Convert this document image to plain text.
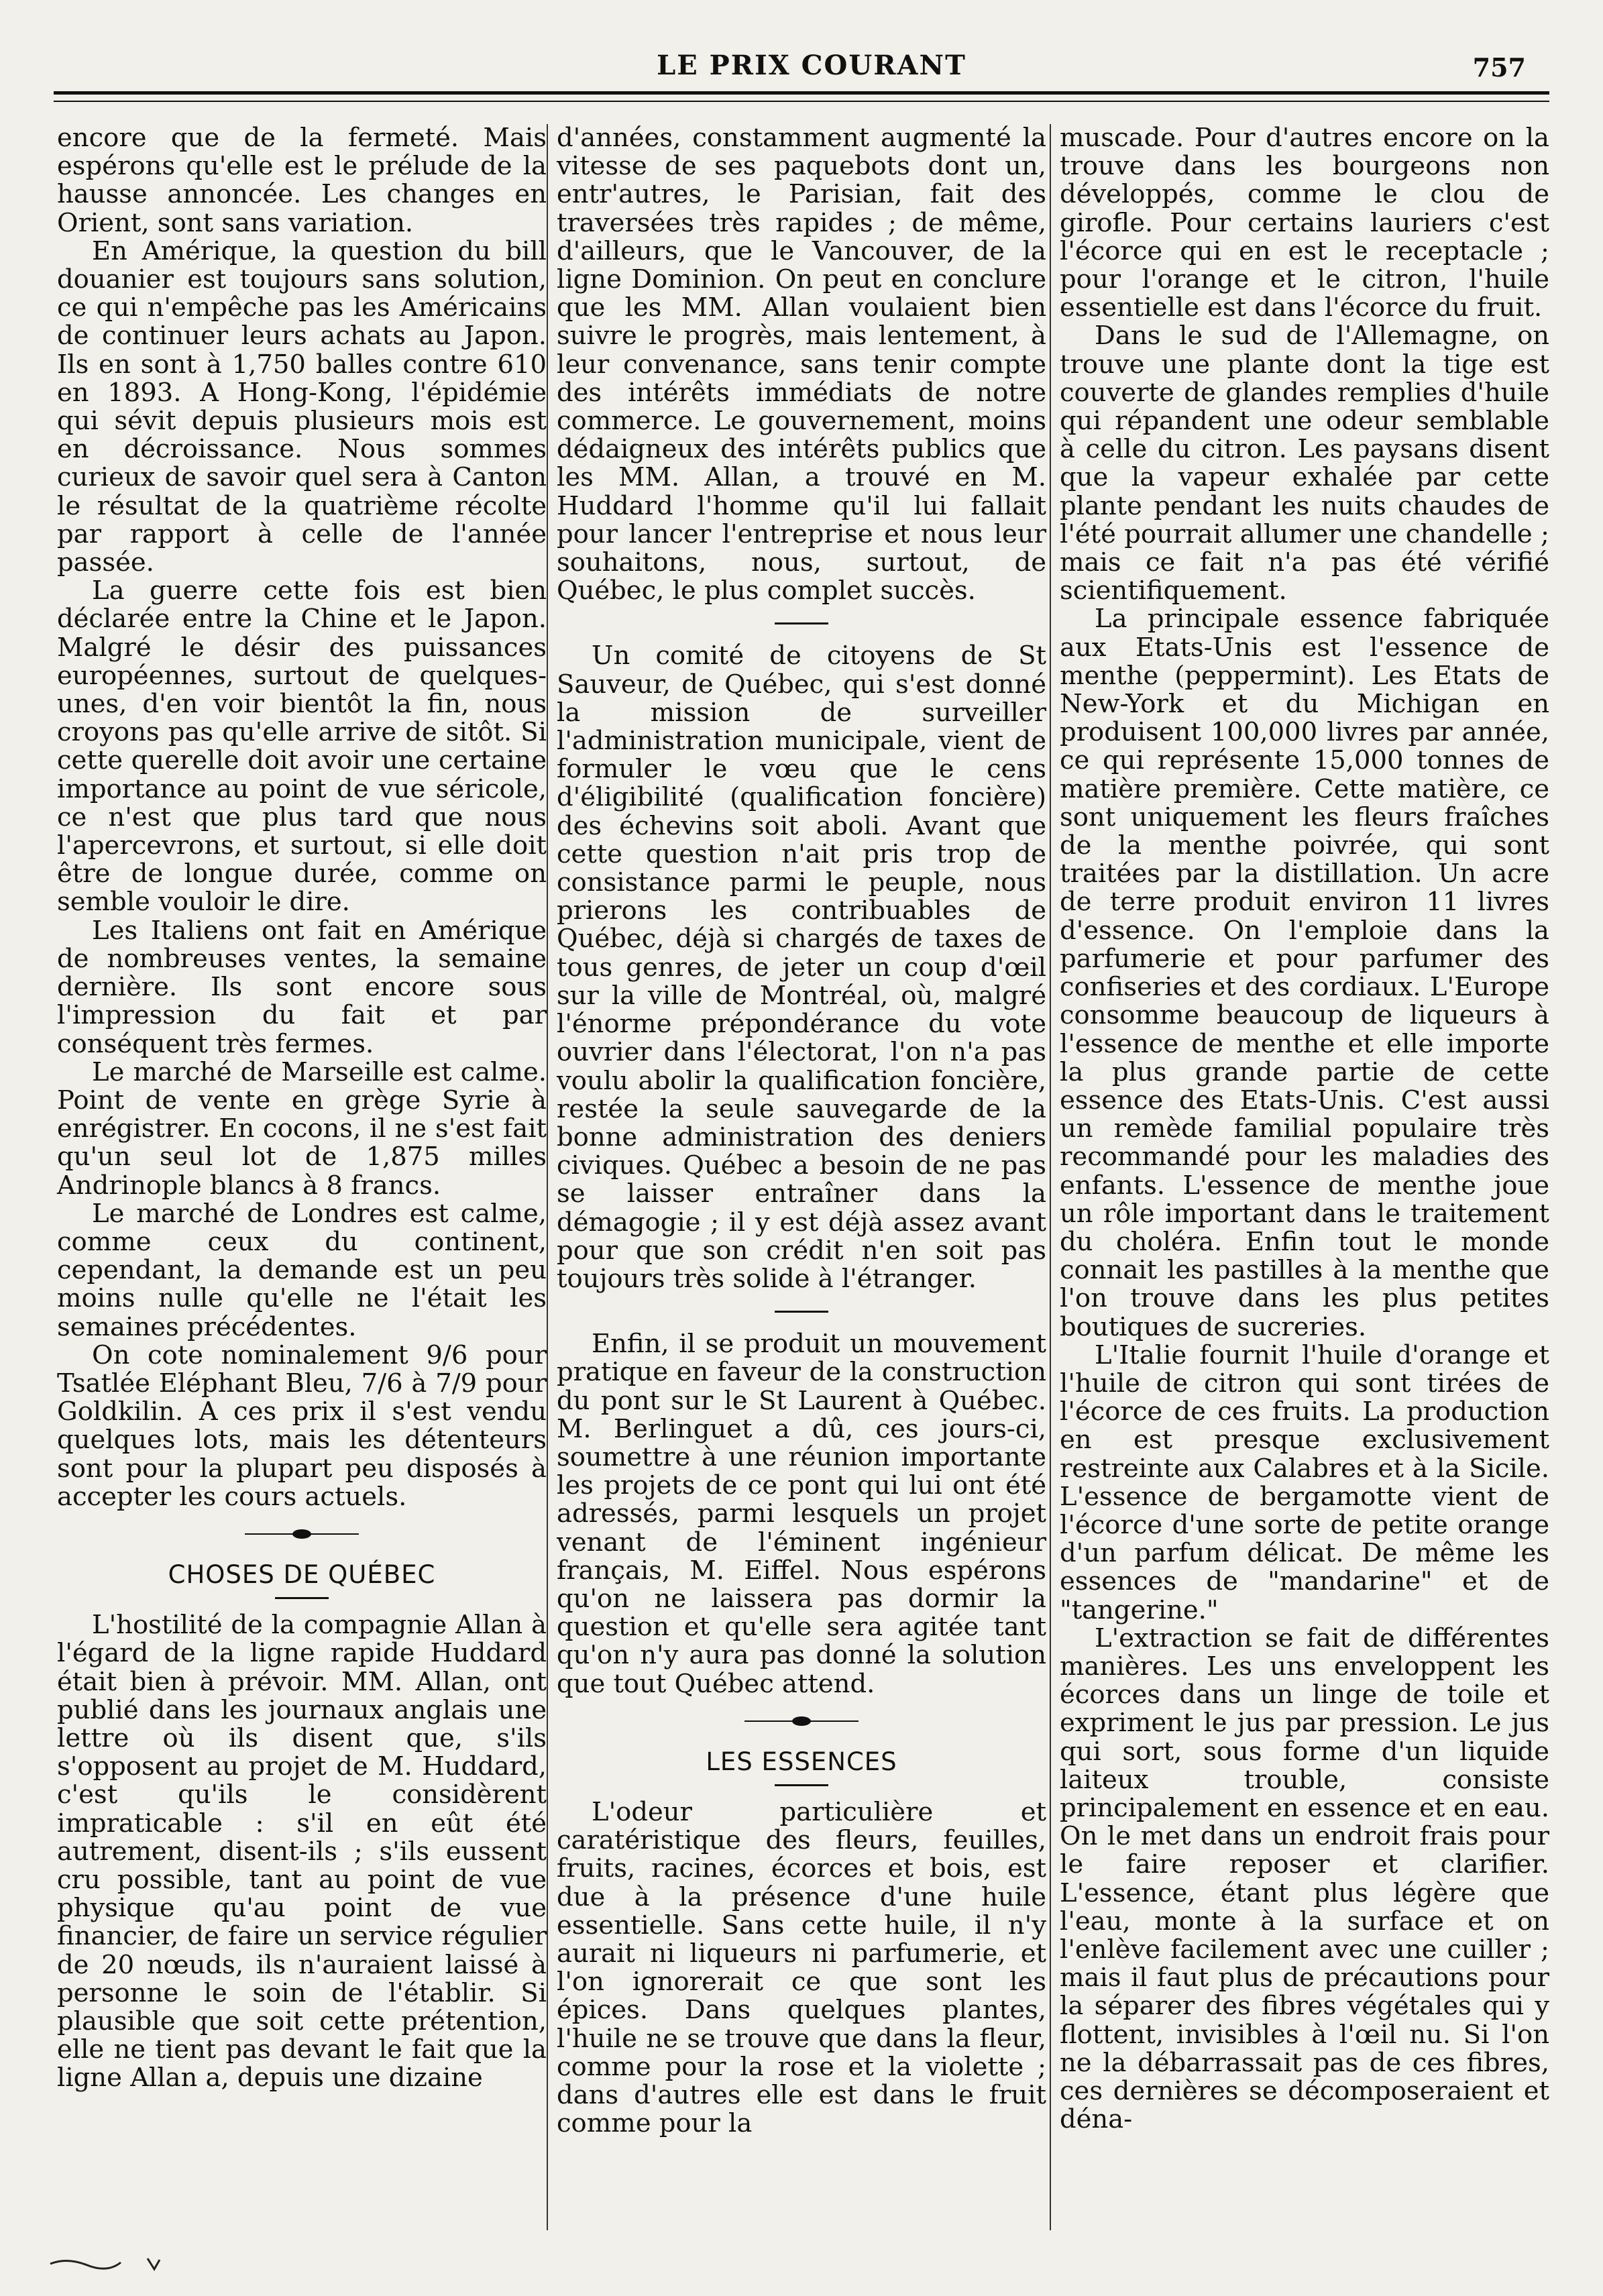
LE PRIX COURANT	757

encore que de la fermeté. Mais espérons qu'elle est le prélude de la hausse annoncée. Les changes en Orient, sont sans variation.

En Amérique, la question du bill douanier est toujours sans solution, ce qui n'empêche pas les Américains de continuer leurs achats au Japon. Ils en sont à 1,750 balles contre 610 en 1893. A Hong-Kong, l'épidémie qui sévit depuis plusieurs mois est en décroissance. Nous sommes curieux de savoir quel sera à Canton le résultat de la quatrième récolte par rapport à celle de l'année passée.

La guerre cette fois est bien déclarée entre la Chine et le Japon. Malgré le désir des puissances européennes, surtout de quelques-unes, d'en voir bientôt la fin, nous croyons pas qu'elle arrive de sitôt. Si cette querelle doit avoir une certaine importance au point de vue séricole, ce n'est que plus tard que nous l'apercevrons, et surtout, si elle doit être de longue durée, comme on semble vouloir le dire.

Les Italiens ont fait en Amérique de nombreuses ventes, la semaine dernière. Ils sont encore sous l'impression du fait et par conséquent très fermes.

Le marché de Marseille est calme. Point de vente en grège Syrie à enrégistrer. En cocons, il ne s'est fait qu'un seul lot de 1,875 milles Andrinople blancs à 8 francs.

Le marché de Londres est calme, comme ceux du continent, cependant, la demande est un peu moins nulle qu'elle ne l'était les semaines précédentes.

On cote nominalement 9/6 pour Tsatlée Eléphant Bleu, 7/6 à 7/9 pour Goldkilin. A ces prix il s'est vendu quelques lots, mais les détenteurs sont pour la plupart peu disposés à accepter les cours actuels.

CHOSES DE QUÉBEC

L'hostilité de la compagnie Allan à l'égard de la ligne rapide Huddard était bien à prévoir. MM. Allan, ont publié dans les journaux anglais une lettre où ils disent que, s'ils s'opposent au projet de M. Huddard, c'est qu'ils le considèrent impraticable : s'il en eût été autrement, disent-ils ; s'ils eussent cru possible, tant au point de vue physique qu'au point de vue financier, de faire un service régulier de 20 nœuds, ils n'auraient laissé à personne le soin de l'établir. Si plausible que soit cette prétention, elle ne tient pas devant le fait que la ligne Allan a, depuis une dizaine

d'années, constamment augmenté la vitesse de ses paquebots dont un, entr'autres, le Parisian, fait des traversées très rapides ; de même, d'ailleurs, que le Vancouver, de la ligne Dominion. On peut en conclure que les MM. Allan voulaient bien suivre le progrès, mais lentement, à leur convenance, sans tenir compte des intérêts immédiats de notre commerce. Le gouvernement, moins dédaigneux des intérêts publics que les MM. Allan, a trouvé en M. Huddard l'homme qu'il lui fallait pour lancer l'entreprise et nous leur souhaitons, nous, surtout, de Québec, le plus complet succès.

Un comité de citoyens de St Sauveur, de Québec, qui s'est donné la mission de surveiller l'administration municipale, vient de formuler le vœu que le cens d'éligibilité (qualification foncière) des échevins soit aboli. Avant que cette question n'ait pris trop de consistance parmi le peuple, nous prierons les contribuables de Québec, déjà si chargés de taxes de tous genres, de jeter un coup d'œil sur la ville de Montréal, où, malgré l'énorme prépondérance du vote ouvrier dans l'électorat, l'on n'a pas voulu abolir la qualification foncière, restée la seule sauvegarde de la bonne administration des deniers civiques. Québec a besoin de ne pas se laisser entraîner dans la démagogie ; il y est déjà assez avant pour que son crédit n'en soit pas toujours très solide à l'étranger.

Enfin, il se produit un mouvement pratique en faveur de la construction du pont sur le St Laurent à Québec. M. Berlinguet a dû, ces jours-ci, soumettre à une réunion importante les projets de ce pont qui lui ont été adressés, parmi lesquels un projet venant de l'éminent ingénieur français, M. Eiffel. Nous espérons qu'on ne laissera pas dormir la question et qu'elle sera agitée tant qu'on n'y aura pas donné la solution que tout Québec attend.

LES ESSENCES

L'odeur particulière et caratéristique des fleurs, feuilles, fruits, racines, écorces et bois, est due à la présence d'une huile essentielle. Sans cette huile, il n'y aurait ni liqueurs ni parfumerie, et l'on ignorerait ce que sont les épices. Dans quelques plantes, l'huile ne se trouve que dans la fleur, comme pour la rose et la violette ; dans d'autres elle est dans le fruit comme pour la

muscade. Pour d'autres encore on la trouve dans les bourgeons non développés, comme le clou de girofle. Pour certains lauriers c'est l'écorce qui en est le receptacle ; pour l'orange et le citron, l'huile essentielle est dans l'écorce du fruit.

Dans le sud de l'Allemagne, on trouve une plante dont la tige est couverte de glandes remplies d'huile qui répandent une odeur semblable à celle du citron. Les paysans disent que la vapeur exhalée par cette plante pendant les nuits chaudes de l'été pourrait allumer une chandelle ; mais ce fait n'a pas été vérifié scientifiquement.

La principale essence fabriquée aux Etats-Unis est l'essence de menthe (peppermint). Les Etats de New-York et du Michigan en produisent 100,000 livres par année, ce qui représente 15,000 tonnes de matière première. Cette matière, ce sont uniquement les fleurs fraîches de la menthe poivrée, qui sont traitées par la distillation. Un acre de terre produit environ 11 livres d'essence. On l'emploie dans la parfumerie et pour parfumer des confiseries et des cordiaux. L'Europe consomme beaucoup de liqueurs à l'essence de menthe et elle importe la plus grande partie de cette essence des Etats-Unis. C'est aussi un remède familial populaire très recommandé pour les maladies des enfants. L'essence de menthe joue un rôle important dans le traitement du choléra. Enfin tout le monde connait les pastilles à la menthe que l'on trouve dans les plus petites boutiques de sucreries.

L'Italie fournit l'huile d'orange et l'huile de citron qui sont tirées de l'écorce de ces fruits. La production en est presque exclusivement restreinte aux Calabres et à la Sicile. L'essence de bergamotte vient de l'écorce d'une sorte de petite orange d'un parfum délicat. De même les essences de "mandarine" et de "tangerine."

L'extraction se fait de différentes manières. Les uns enveloppent les écorces dans un linge de toile et expriment le jus par pression. Le jus qui sort, sous forme d'un liquide laiteux trouble, consiste principalement en essence et en eau. On le met dans un endroit frais pour le faire reposer et clarifier. L'essence, étant plus légère que l'eau, monte à la surface et on l'enlève facilement avec une cuiller ; mais il faut plus de précautions pour la séparer des fibres végétales qui y flottent, invisibles à l'œil nu. Si l'on ne la débarrassait pas de ces fibres, ces dernières se décomposeraient et déna-
